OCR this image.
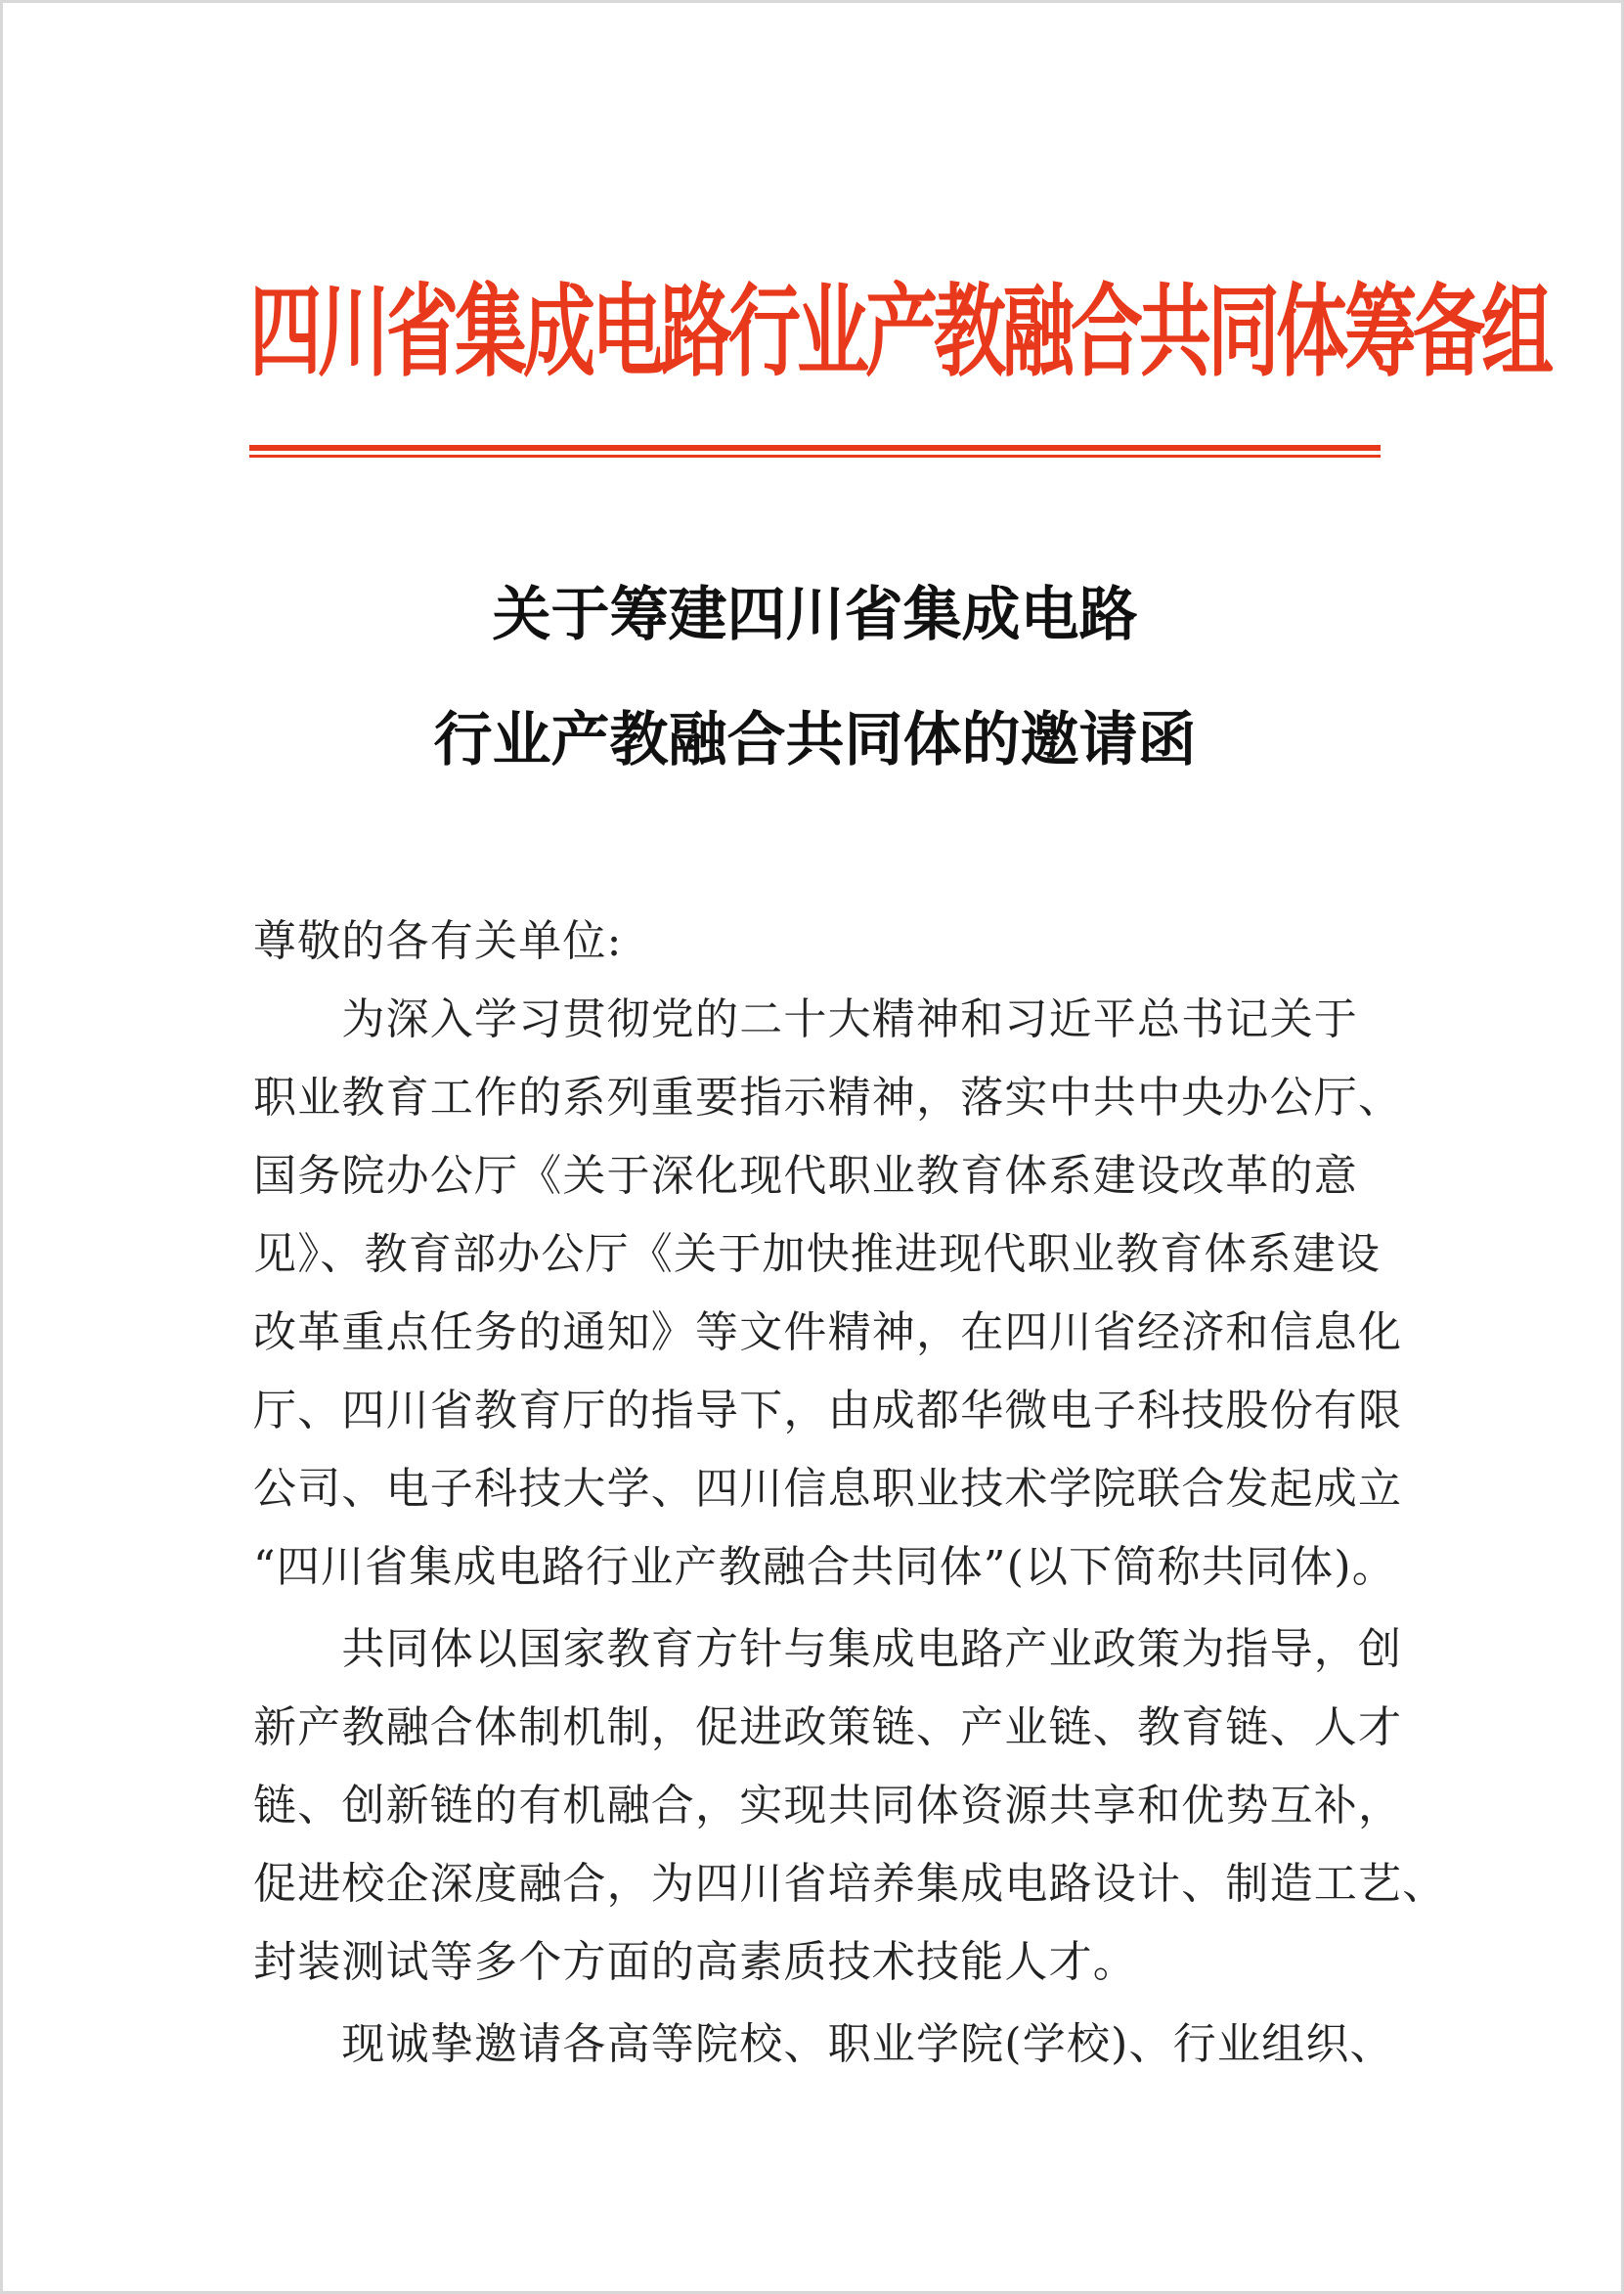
四川省集成电路行业产教融合共同体筹备组
关于筹建四川省集成电路
行业产教融合共同体的邀请函
尊敬的各有关单位:
　　为深入学习贯彻党的二十大精神和习近平总书记关于
职业教育工作的系列重要指示精神，落实中共中央办公厅、
国务院办公厅《关于深化现代职业教育体系建设改革的意
见》、教育部办公厅《关于加快推进现代职业教育体系建设
改革重点任务的通知》等文件精神，在四川省经济和信息化
厅、四川省教育厅的指导下，由成都华微电子科技股份有限
公司、电子科技大学、四川信息职业技术学院联合发起成立
“四川省集成电路行业产教融合共同体”(以下简称共同体)。
　　共同体以国家教育方针与集成电路产业政策为指导，创
新产教融合体制机制，促进政策链、产业链、教育链、人才
链、创新链的有机融合，实现共同体资源共享和优势互补，
促进校企深度融合，为四川省培养集成电路设计、制造工艺、
封装测试等多个方面的高素质技术技能人才。
　　现诚挚邀请各高等院校、职业学院(学校)、行业组织、
